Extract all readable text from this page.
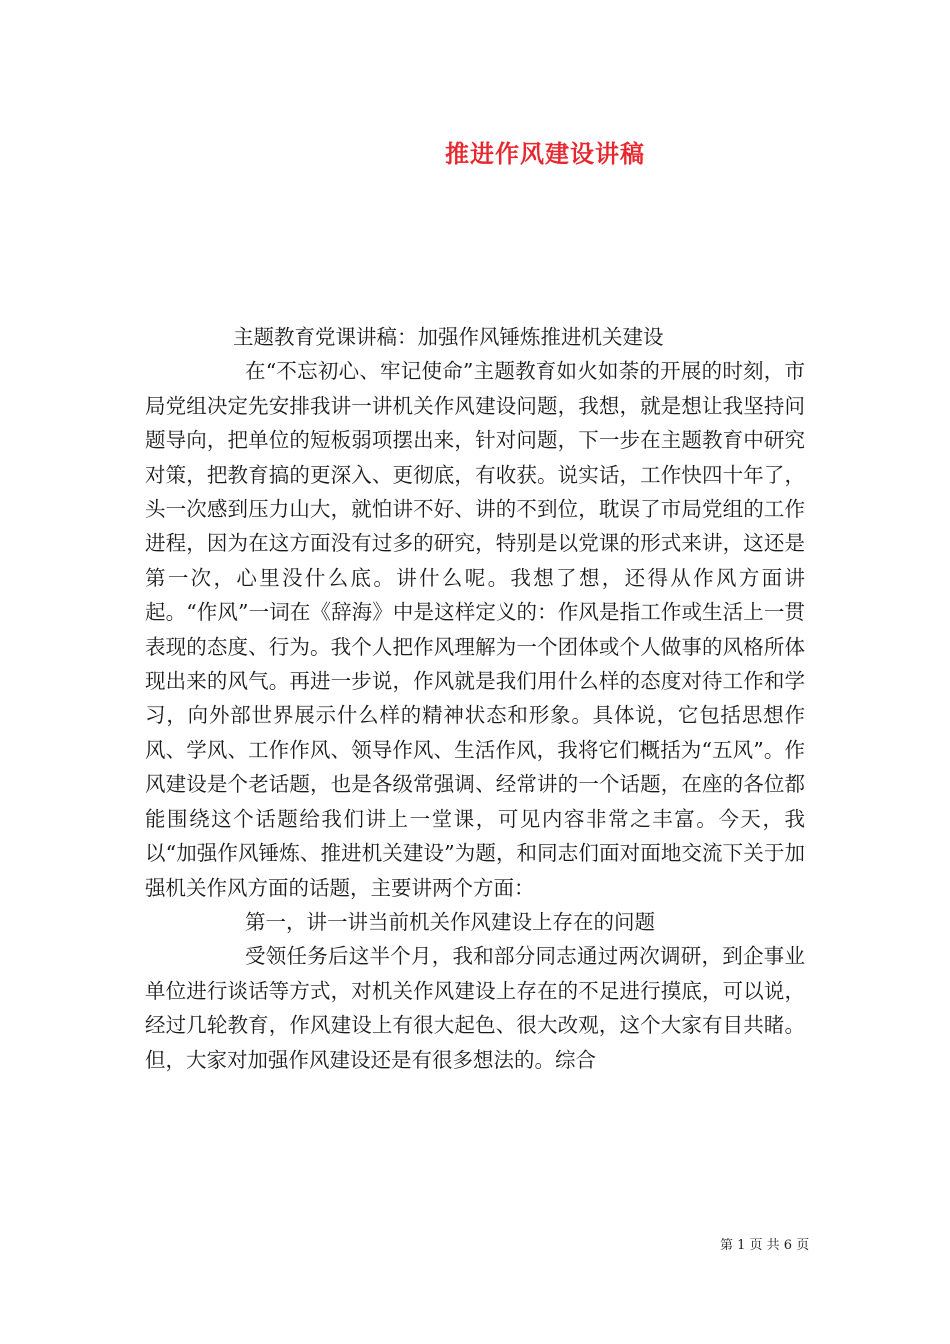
推进作风建设讲稿

主题教育党课讲稿：加强作风锤炼推进机关建设

在“不忘初心、牢记使命”主题教育如火如荼的开展的时刻，市局党组决定先安排我讲一讲机关作风建设问题，我想，就是想让我坚持问题导向，把单位的短板弱项摆出来，针对问题，下一步在主题教育中研究对策，把教育搞的更深入、更彻底，有收获。说实话，工作快四十年了，头一次感到压力山大，就怕讲不好、讲的不到位，耽误了市局党组的工作进程，因为在这方面没有过多的研究，特别是以党课的形式来讲，这还是第一次，心里没什么底。讲什么呢。我想了想，还得从作风方面讲起。“作风”一词在《辞海》中是这样定义的：作风是指工作或生活上一贯表现的态度、行为。我个人把作风理解为一个团体或个人做事的风格所体现出来的风气。再进一步说，作风就是我们用什么样的态度对待工作和学习，向外部世界展示什么样的精神状态和形象。具体说，它包括思想作风、学风、工作作风、领导作风、生活作风，我将它们概括为“五风”。作风建设是个老话题，也是各级常强调、经常讲的一个话题，在座的各位都能围绕这个话题给我们讲上一堂课，可见内容非常之丰富。今天，我以“加强作风锤炼、推进机关建设”为题，和同志们面对面地交流下关于加强机关作风方面的话题，主要讲两个方面：

第一，讲一讲当前机关作风建设上存在的问题

受领任务后这半个月，我和部分同志通过两次调研，到企事业单位进行谈话等方式，对机关作风建设上存在的不足进行摸底，可以说，经过几轮教育，作风建设上有很大起色、很大改观，这个大家有目共睹。但，大家对加强作风建设还是有很多想法的。综合

第 1 页 共 6 页
